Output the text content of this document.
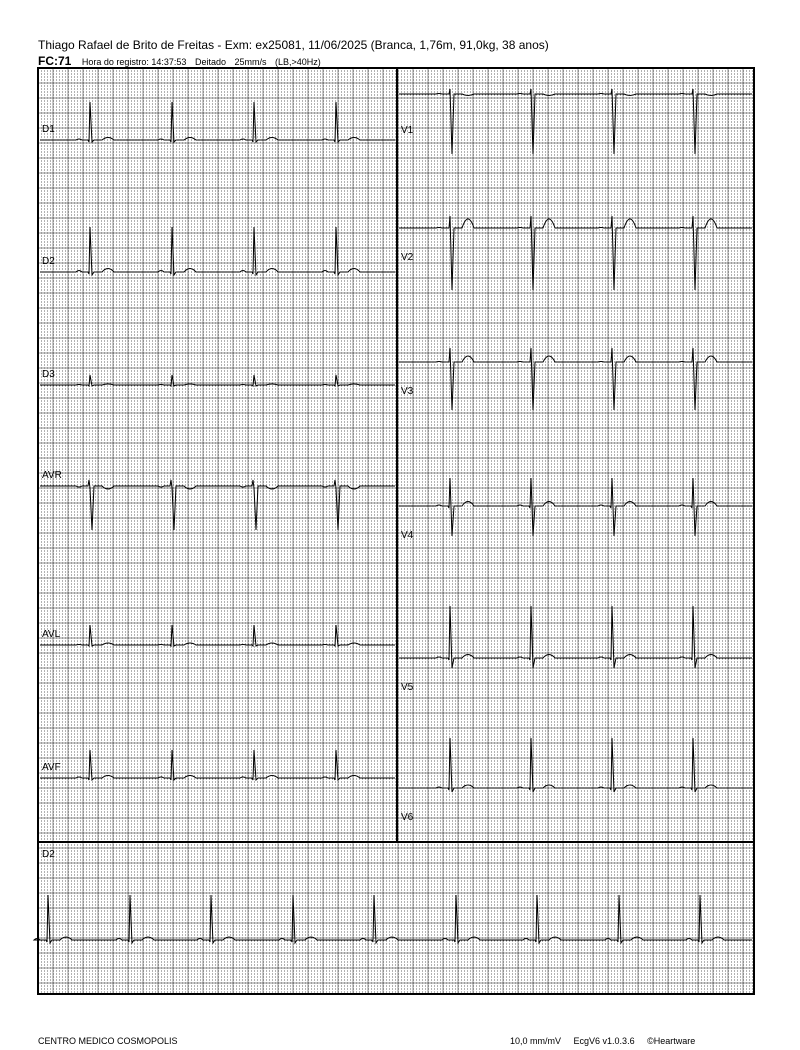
Thiago Rafael de Brito de Freitas - Exm: ex25081, 11/06/2025 (Branca, 1,76m, 91,0kg, 38 anos)
FC:71 Hora do registro: 14:37:53 Deitado 25mm/s (LB,>40Hz)
D1
D2
D3
AVR
AVL
AVF
V1
V2
V3
V4
V5
V6
D2
CENTRO MEDICO COSMOPOLIS	10,0 mm/mV EcgV6 v1.0.3.6 ©Heartware
